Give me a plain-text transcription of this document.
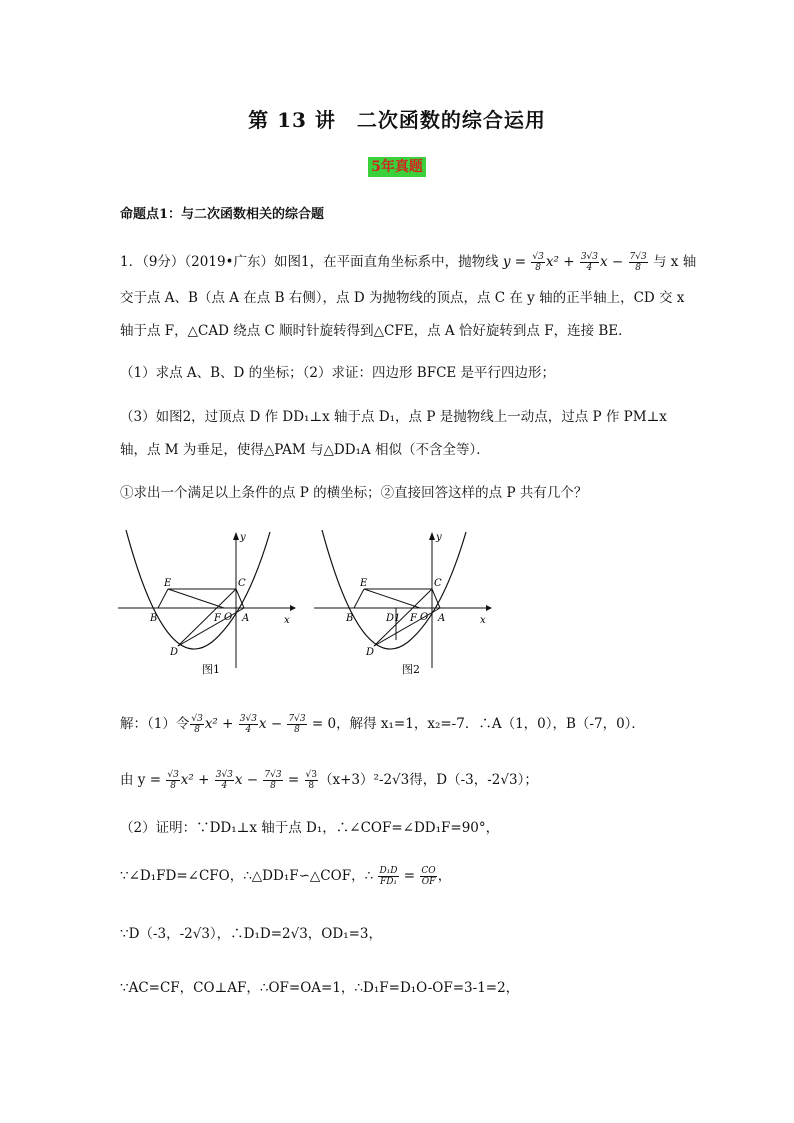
第 13 讲　二次函数的综合运用
5年真题
命题点1：与二次函数相关的综合题
1．（9分）（2019•广东）如图1，在平面直角坐标系中，抛物线 $y = \frac{√3}{8} x^2 + \frac{3√3}{4}$ $x - \frac{7√3}{8}$ 与 x 轴
交于点 A、B（点 A 在点 B 右侧），点 D 为抛物线的顶点，点 C 在 y 轴的正半轴上，CD 交 x
轴于点 F，△CAD 绕点 C 顺时针旋转得到△CFE，点 A 恰好旋转到点 F，连接 BE．
（1）求点 A、B、D 的坐标；（2）求证：四边形 BFCE 是平行四边形；
（3）如图2，过顶点 D 作 DD₁⊥x 轴于点 D₁，点 P 是抛物线上一动点，过点 P 作 PM⊥x
轴，点 M 为垂足，使得△PAM 与△DD₁A 相似（不含全等）．
①求出一个满足以上条件的点 P 的横坐标；②直接回答这样的点 P 共有几个？
E	C
B	F O A
D
x
y
图1
E	C
B	D1 F O A
D
x
y
图2
解：（1）令 $\frac{√3}{8} x^2 + \frac{3√3}{4}$ $x - \frac{7√3}{8} = 0$，解得 x₁=1，x₂=-7．∴A（1，0），B（-7，0）．
由 $y = \frac{√3}{8} x^2 + \frac{3√3}{4}$ $x - \frac{7√3}{8} = \frac{√3}{8} (x+3)^2-2√3$得，D（-3，-2√3）；
（2）证明：∵DD₁⊥x 轴于点 D₁，∴∠COF=∠DD₁F=90°，
∵∠D₁FD=∠CFO，∴△DD₁F∽△COF，∴ $\frac{\text{D₁D}}{\text{FD₁}} = \frac{CO}{OF}$ ，
∵D（-3，-2√3），∴D₁D=2√3，OD₁=3，
∵AC=CF，CO⊥AF，∴OF=OA=1，∴D₁F=D₁O-OF=3-1=2，
